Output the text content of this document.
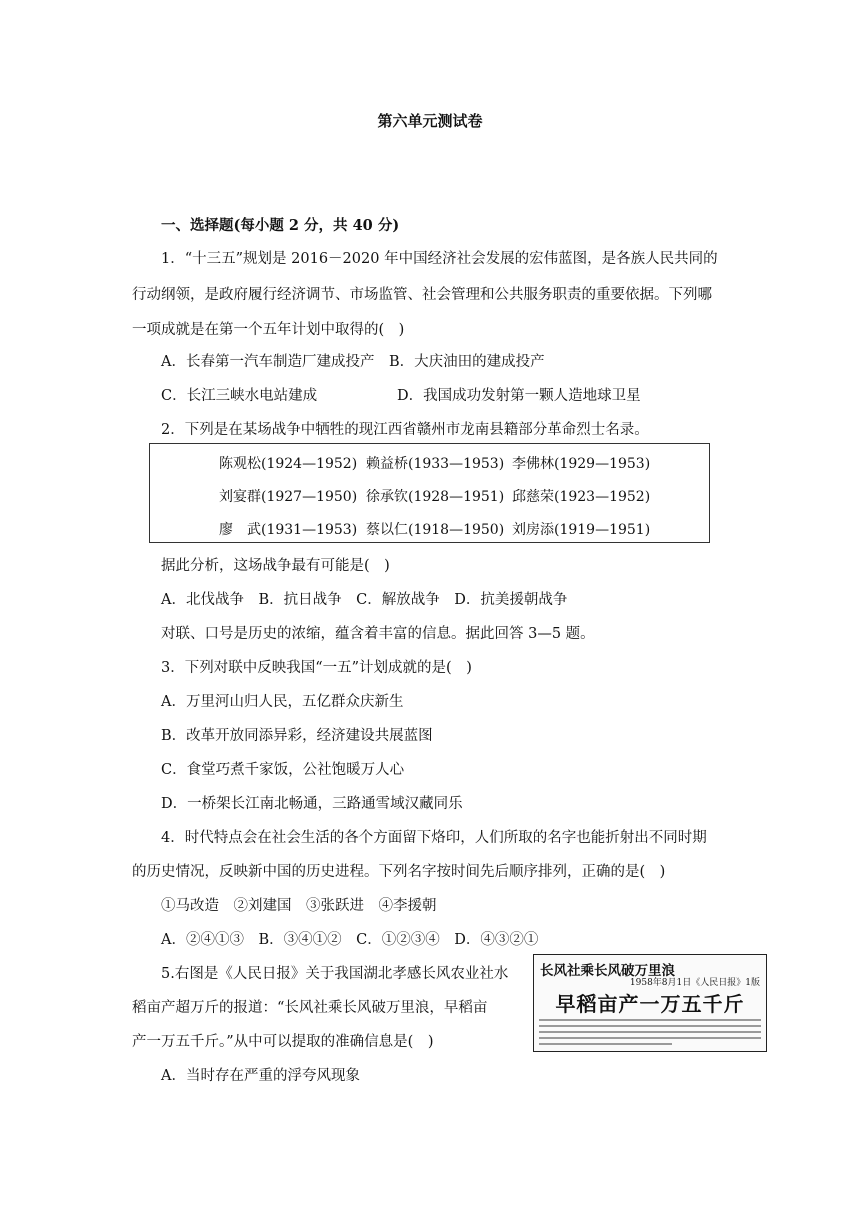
第六单元测试卷
一、选择题(每小题 2 分，共 40 分)
1．“十三五”规划是 2016－2020 年中国经济社会发展的宏伟蓝图，是各族人民共同的
行动纲领，是政府履行经济调节、市场监管、社会管理和公共服务职责的重要依据。下列哪
一项成就是在第一个五年计划中取得的(　)
A．长春第一汽车制造厂建成投产　B．大庆油田的建成投产
C．长江三峡水电站建成	D．我国成功发射第一颗人造地球卫星
2．下列是在某场战争中牺牲的现江西省赣州市龙南县籍部分革命烈士名录。
陈观松(1924—1952) 赖益桥(1933—1953) 李佛林(1929—1953)
刘宴群(1927—1950) 徐承钦(1928—1951) 邱慈荣(1923—1952)
廖　武(1931—1953) 蔡以仁(1918—1950) 刘房添(1919—1951)
据此分析，这场战争最有可能是(　)
A．北伐战争　B．抗日战争　C．解放战争　D．抗美援朝战争
对联、口号是历史的浓缩，蕴含着丰富的信息。据此回答 3—5 题。
3．下列对联中反映我国“一五”计划成就的是(　)
A．万里河山归人民，五亿群众庆新生
B．改革开放同添异彩，经济建设共展蓝图
C．食堂巧煮千家饭，公社饱暖万人心
D．一桥架长江南北畅通，三路通雪域汉藏同乐
4．时代特点会在社会生活的各个方面留下烙印，人们所取的名字也能折射出不同时期
的历史情况，反映新中国的历史进程。下列名字按时间先后顺序排列，正确的是(　)
①马改造　②刘建国　③张跃进　④李援朝
A．②④①③　B．③④①②　C．①②③④　D．④③②①
5.右图是《人民日报》关于我国湖北孝感长风农业社水
稻亩产超万斤的报道：“长风社乘长风破万里浪，早稻亩
产一万五千斤。”从中可以提取的准确信息是(　)
A．当时存在严重的浮夸风现象
长风社乘长风破万里浪
1958年8月1日《人民日报》1版
早稻亩产一万五千斤
